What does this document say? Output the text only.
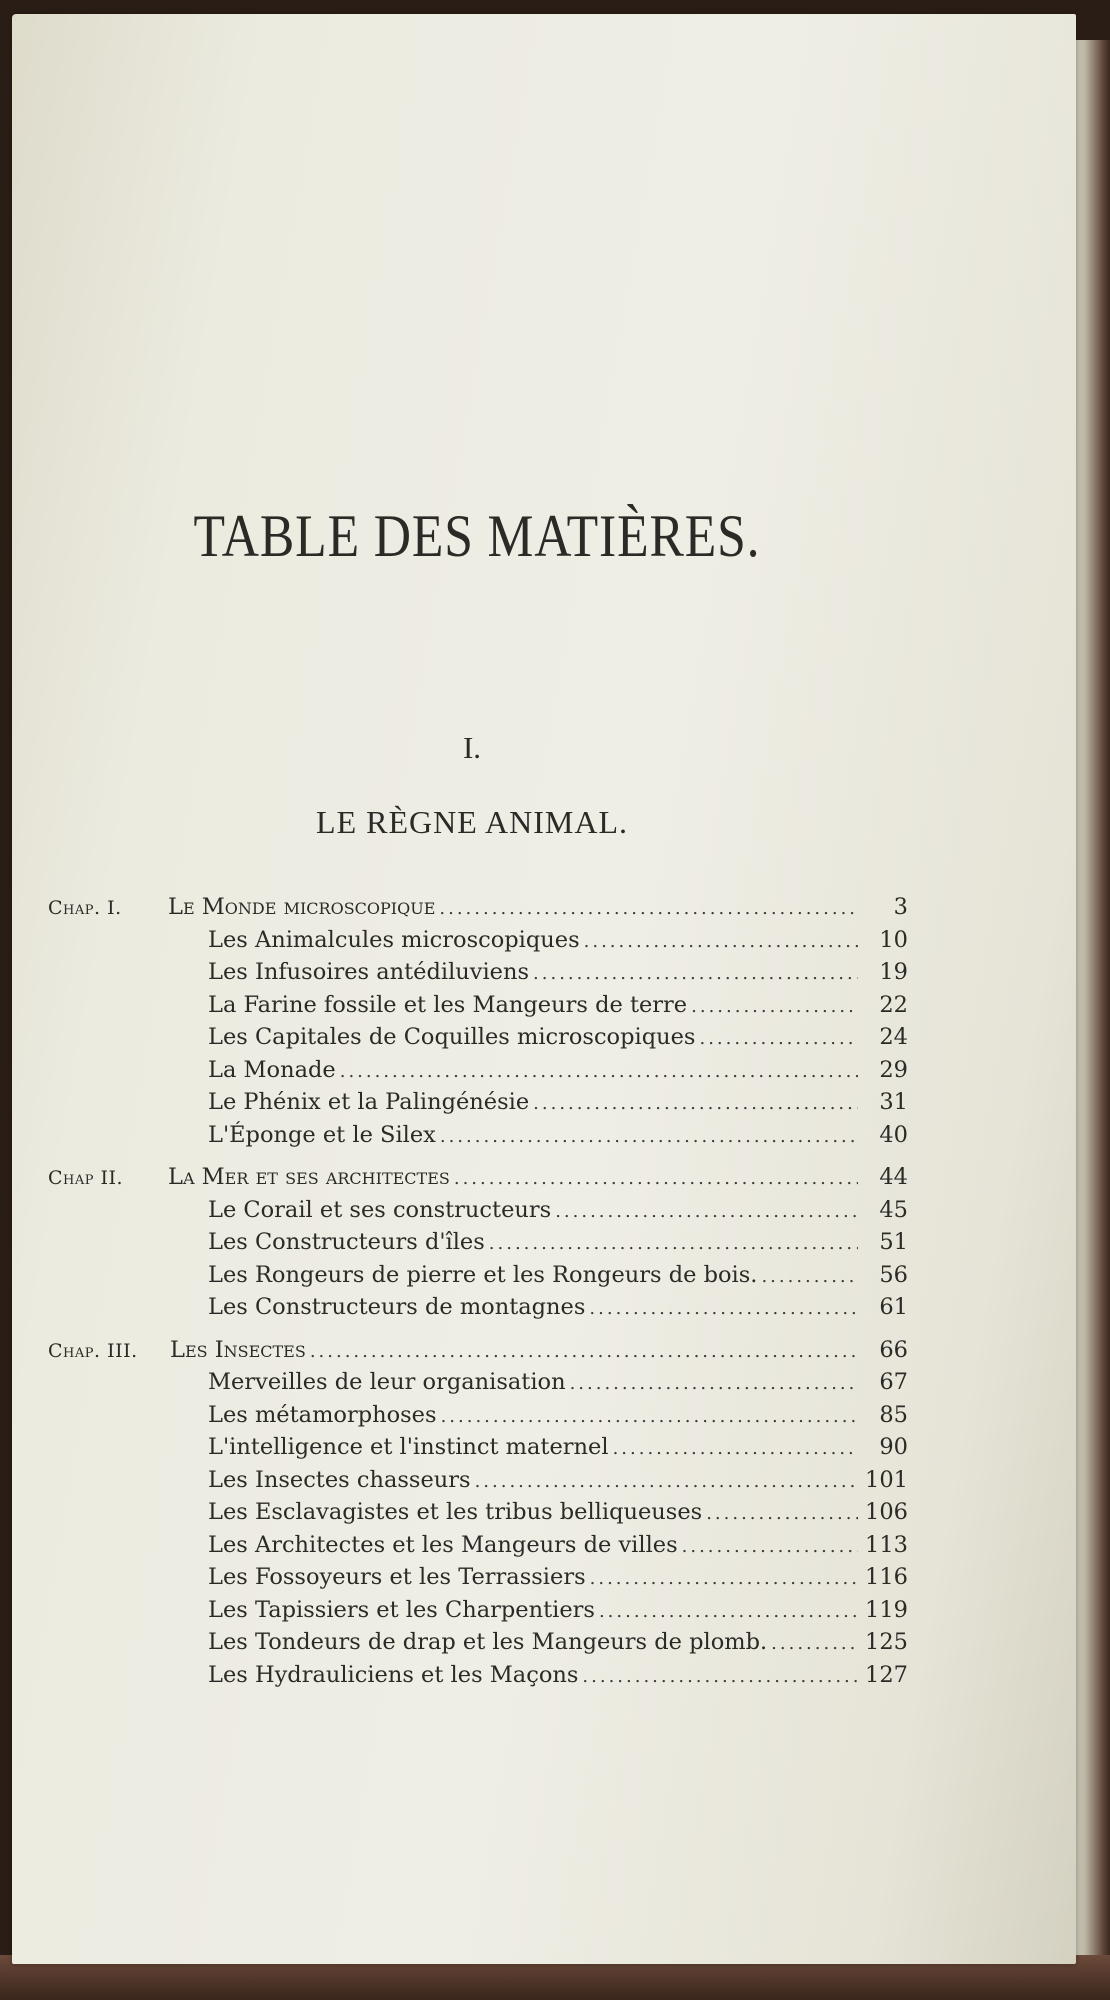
TABLE DES MATIÈRES.
I.
LE RÈGNE ANIMAL.
Chap. I.	Le Monde microscopique .....	3
Les Animalcules microscopiques .....	10
Les Infusoires antédiluviens .....	19
La Farine fossile et les Mangeurs de terre .....	22
Les Capitales de Coquilles microscopiques .....	24
La Monade .....	29
Le Phénix et la Palingénésie .....	31
L'Éponge et le Silex .....	40
Chap II.	La Mer et ses architectes .....	44
Le Corail et ses constructeurs .....	45
Les Constructeurs d'îles .....	51
Les Rongeurs de pierre et les Rongeurs de bois. .....	56
Les Constructeurs de montagnes .....	61
Chap. III.	Les Insectes .....	66
Merveilles de leur organisation .....	67
Les métamorphoses .....	85
L'intelligence et l'instinct maternel .....	90
Les Insectes chasseurs .....	101
Les Esclavagistes et les tribus belliqueuses .....	106
Les Architectes et les Mangeurs de villes .....	113
Les Fossoyeurs et les Terrassiers .....	116
Les Tapissiers et les Charpentiers .....	119
Les Tondeurs de drap et les Mangeurs de plomb. .....	125
Les Hydrauliciens et les Maçons .....	127
